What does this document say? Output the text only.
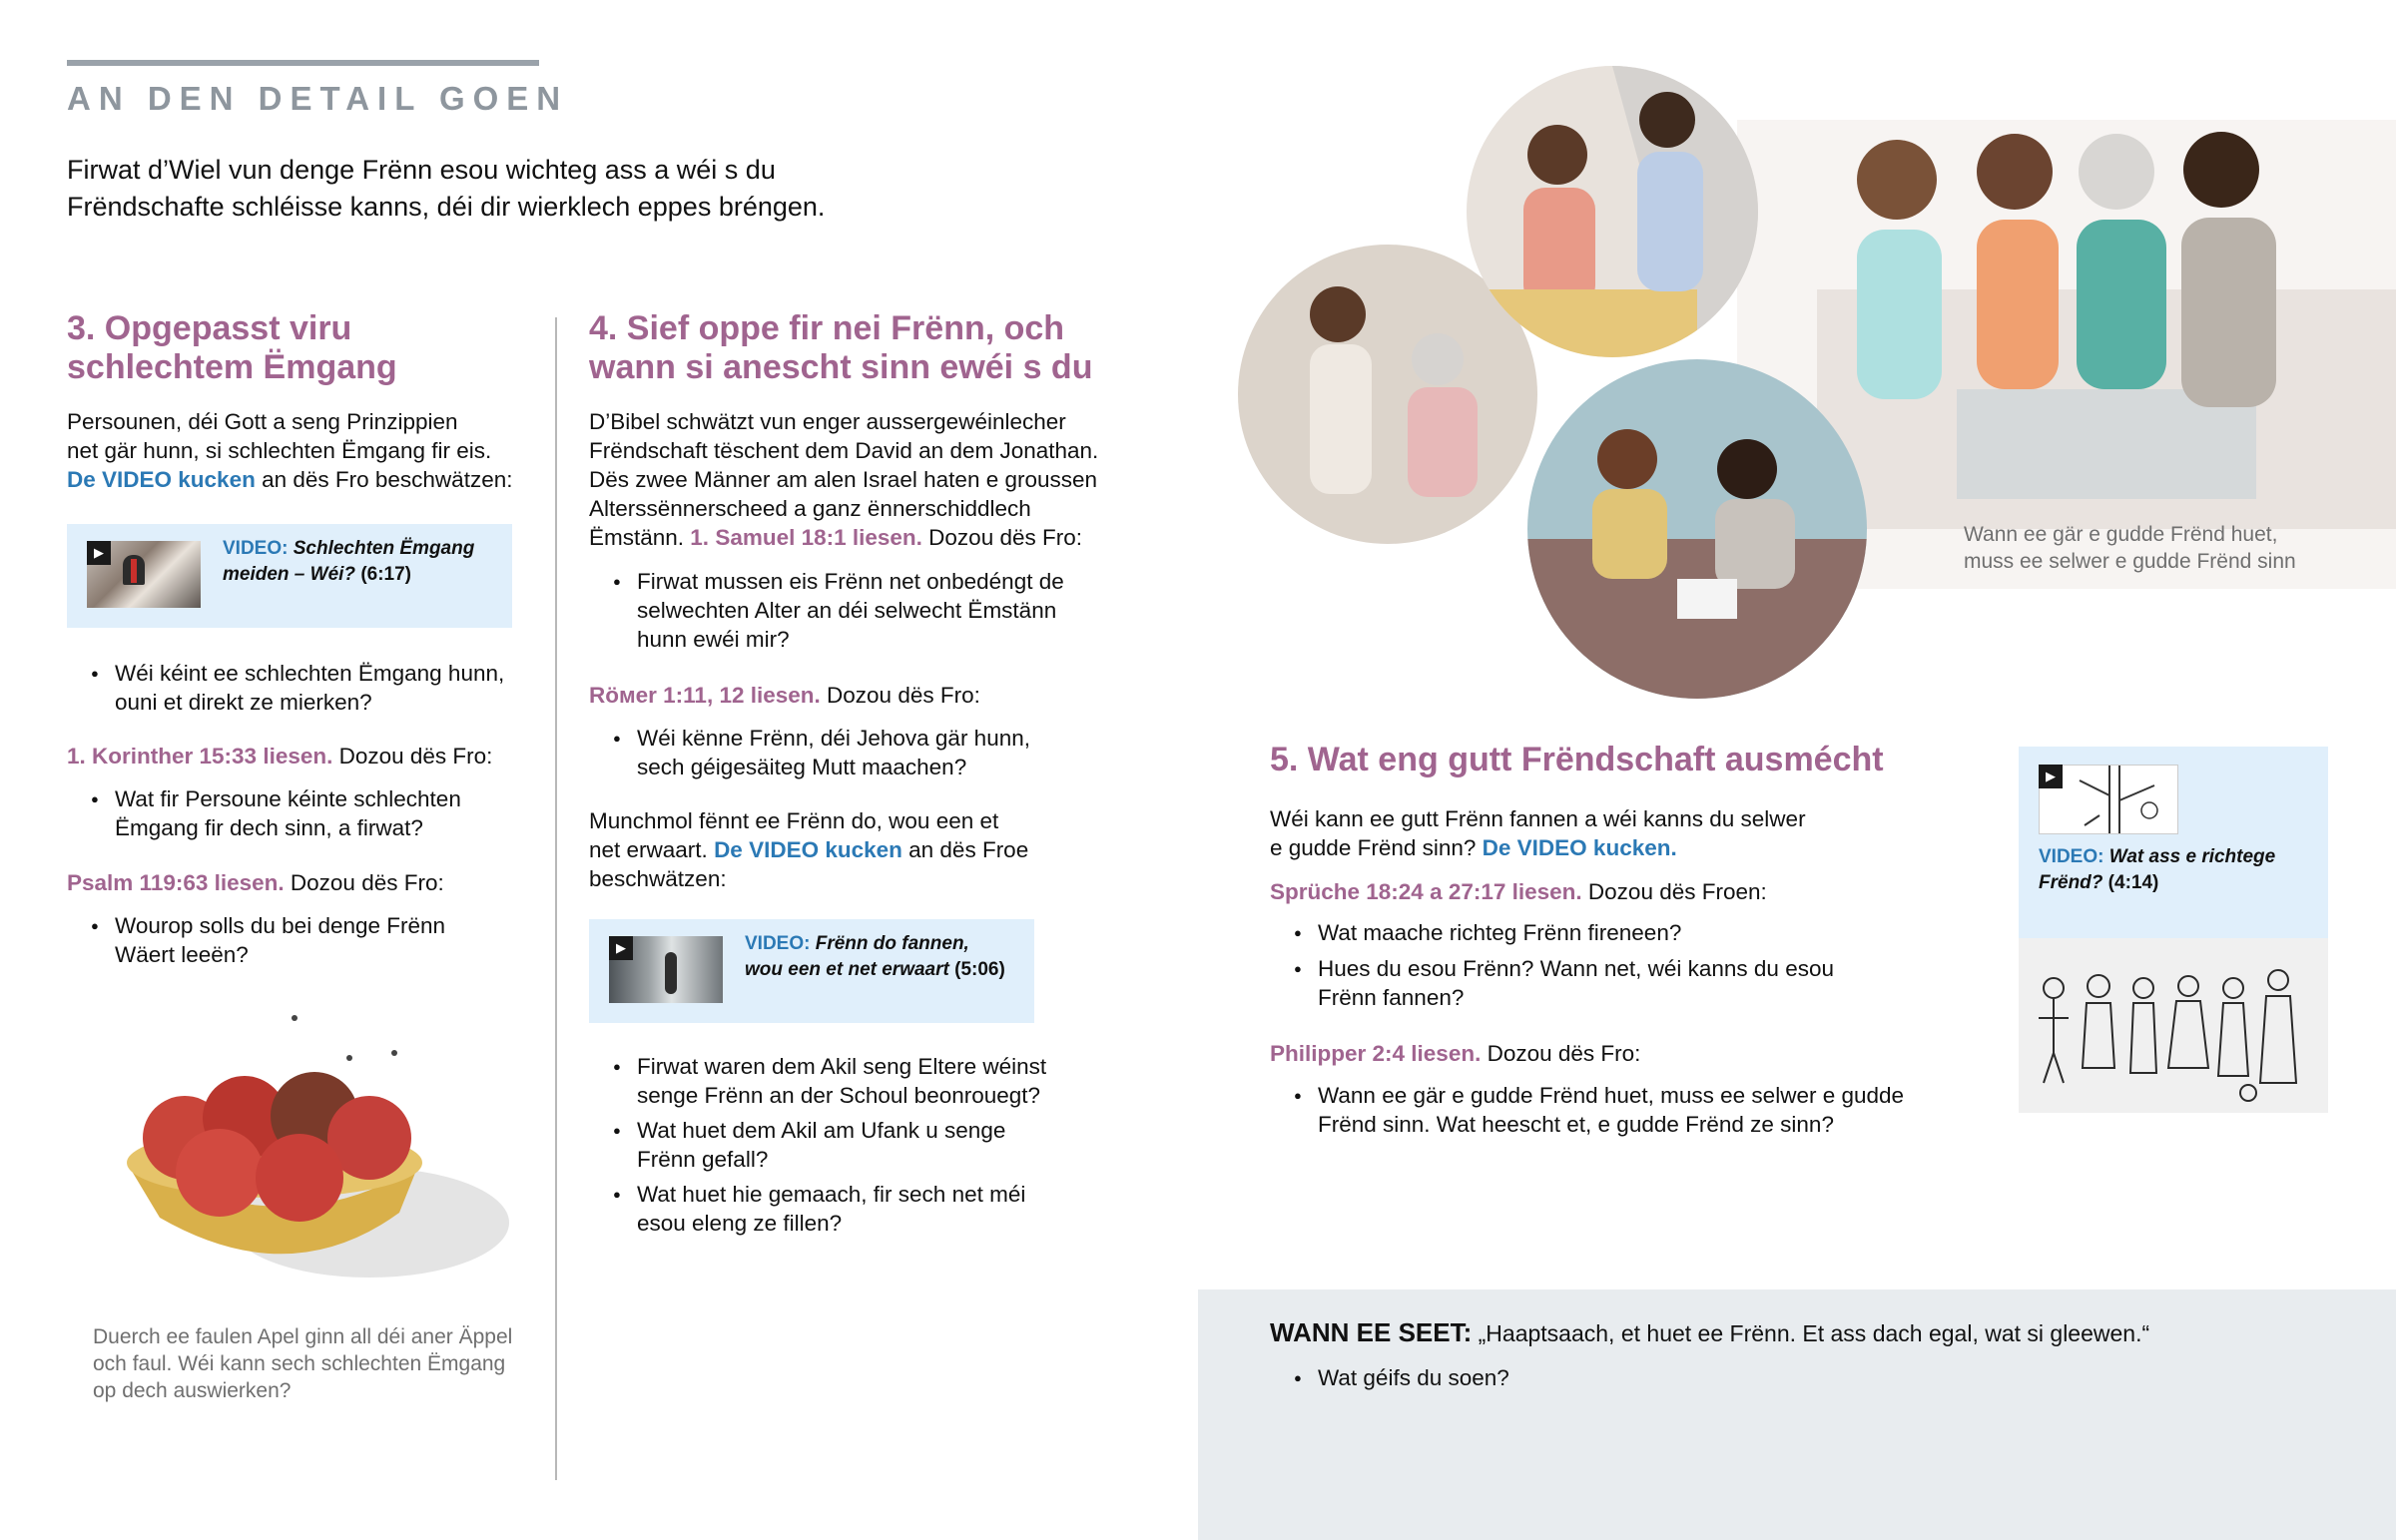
AN DEN DETAIL GOEN
Firwat d’Wiel vun denge Frënn esou wichteg ass a wéi s du
Frëndschafte schléisse kanns, déi dir wierklech eppes bréngen.
3. Opgepasst viru
schlechtem Ëmgang
Persounen, déi Gott a seng Prinzippien
net gär hunn, si schlechten Ëmgang fir eis.
De VIDEO kucken an dës Fro beschwätzen:
▶	VIDEO: Schlechten Ëmgang
meiden – Wéi? (6:17)
● Wéi kéint ee schlechten Ëmgang hunn,
ouni et direkt ze mierken?
1. Korinther 15:33 liesen. Dozou dës Fro:
● Wat fir Persoune kéinte schlechten
Ëmgang fir dech sinn, a firwat?
Psalm 119:63 liesen. Dozou dës Fro:
● Wourop solls du bei denge Frënn
Wäert leeën?
Duerch ee faulen Apel ginn all déi aner Äppel
och faul. Wéi kann sech schlechten Ëmgang
op dech auswierken?
4. Sief oppe fir nei Frënn, och
wann si anescht sinn ewéi s du
D’Bibel schwätzt vun enger aussergewéinlecher
Frëndschaft tëschent dem David an dem Jonathan.
Dës zwee Männer am alen Israel haten e groussen
Alterssënnerscheed a ganz ënnerschiddlech
Ëmstänn. 1. Samuel 18:1 liesen. Dozou dës Fro:
● Firwat mussen eis Frënn net onbedéngt de
selwechten Alter an déi selwecht Ëmstänn
hunn ewéi mir?
Röмer 1:11, 12 liesen. Dozou dës Fro:
● Wéi kënne Frënn, déi Jehova gär hunn,
sech géigesäiteg Mutt maachen?
Munchmol fënnt ee Frënn do, wou een et
net erwaart. De VIDEO kucken an dës Froe
beschwätzen:
▶	VIDEO: Frënn do fannen,
wou een et net erwaart (5:06)
● Firwat waren dem Akil seng Eltere wéinst
senge Frënn an der Schoul beonrouegt?
● Wat huet dem Akil am Ufank u senge
Frënn gefall?
● Wat huet hie gemaach, fir sech net méi
esou eleng ze fillen?
Wann ee gär e gudde Frënd huet,
muss ee selwer e gudde Frënd sinn
5. Wat eng gutt Frëndschaft ausmécht
Wéi kann ee gutt Frënn fannen a wéi kanns du selwer
e gudde Frënd sinn? De VIDEO kucken.
Sprüche 18:24 a 27:17 liesen. Dozou dës Froen:
● Wat maache richteg Frënn fireneen?
● Hues du esou Frënn? Wann net, wéi kanns du esou
Frënn fannen?
Philipper 2:4 liesen. Dozou dës Fro:
● Wann ee gär e gudde Frënd huet, muss ee selwer e gudde
Frënd sinn. Wat heescht et, e gudde Frënd ze sinn?
▶
VIDEO: Wat ass e richtege
Frënd? (4:14)
WANN EE SEET: „Haaptsaach, et huet ee Frënn. Et ass dach egal, wat si gleewen.“
● Wat géifs du soen?
